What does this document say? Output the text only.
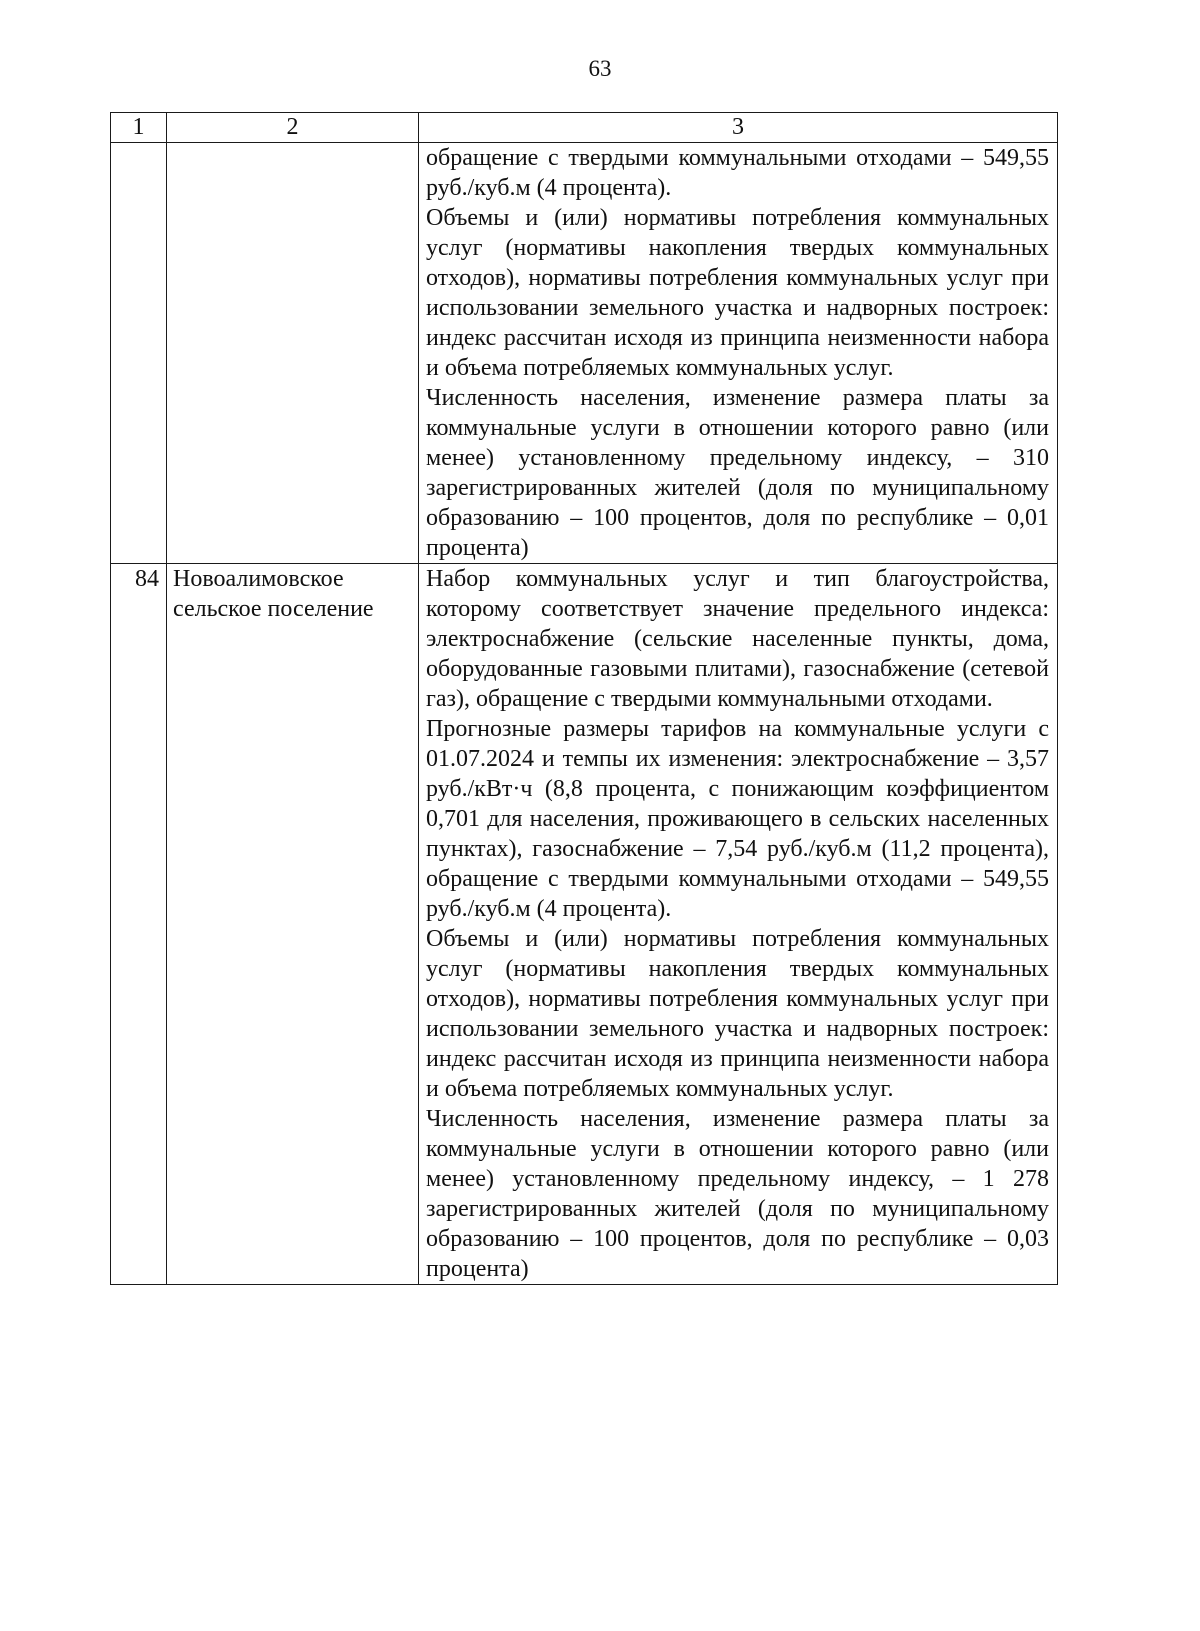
63
1	2	3

		обращение с твердыми коммунальными отходами – 549,55 руб./куб.м (4 процента).

Объемы и (или) нормативы потребления коммунальных услуг (нормативы накопления твердых коммунальных отходов), нормативы потребления коммунальных услуг при использовании земельного участка и надворных построек: индекс рассчитан исходя из принципа неизменности набора и объема потребляемых коммунальных услуг.

Численность населения, изменение размера платы за коммунальные услуги в отношении которого равно (или менее) установленному предельному индексу, – 310 зарегистрированных жителей (доля по муниципальному образованию – 100 процентов, доля по республике – 0,01 процента)

84	Новоалимовское сельское поселение	Набор коммунальных услуг и тип благоустройства, которому соответствует значение предельного индекса: электроснабжение (сельские населенные пункты, дома, оборудованные газовыми плитами), газоснабжение (сетевой газ), обращение с твердыми коммунальными отходами.

Прогнозные размеры тарифов на коммунальные услуги с 01.07.2024 и темпы их изменения: электроснабжение – 3,57 руб./кВт·ч (8,8 процента, с понижающим коэффициентом 0,701 для населения, проживающего в сельских населенных пунктах), газоснабжение – 7,54 руб./куб.м (11,2 процента), обращение с твердыми коммунальными отходами – 549,55 руб./куб.м (4 процента).

Объемы и (или) нормативы потребления коммунальных услуг (нормативы накопления твердых коммунальных отходов), нормативы потребления коммунальных услуг при использовании земельного участка и надворных построек: индекс рассчитан исходя из принципа неизменности набора и объема потребляемых коммунальных услуг.

Численность населения, изменение размера платы за коммунальные услуги в отношении которого равно (или менее) установленному предельному индексу, – 1 278 зарегистрированных жителей (доля по муниципальному образованию – 100 процентов, доля по республике – 0,03 процента)
